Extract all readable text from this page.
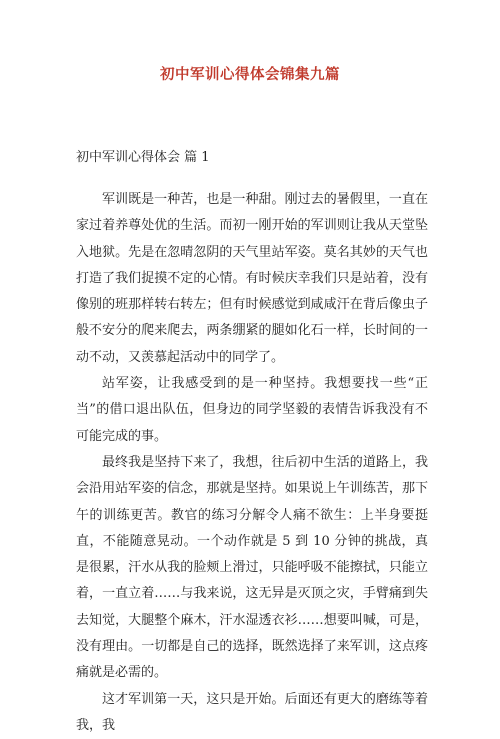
初中军训心得体会锦集九篇
初中军训心得体会 篇 1

军训既是一种苦，也是一种甜。刚过去的暑假里，一直在家过着养尊处优的生活。而初一刚开始的军训则让我从天堂坠入地狱。先是在忽晴忽阴的天气里站军姿。莫名其妙的天气也打造了我们捉摸不定的心情。有时候庆幸我们只是站着，没有像别的班那样转右转左；但有时候感觉到咸咸汗在背后像虫子般不安分的爬来爬去，两条绷紧的腿如化石一样，长时间的一动不动，又羡慕起活动中的同学了。

站军姿，让我感受到的是一种坚持。我想要找一些“正当”的借口退出队伍，但身边的同学坚毅的表情告诉我没有不可能完成的事。

最终我是坚持下来了，我想，往后初中生活的道路上，我会沿用站军姿的信念，那就是坚持。如果说上午训练苦，那下午的训练更苦。教官的练习分解令人痛不欲生：上半身要挺直，不能随意晃动。一个动作就是 5 到 10 分钟的挑战，真是很累，汗水从我的脸颊上滑过，只能呼吸不能擦拭，只能立着，一直立着……与我来说，这无异是灭顶之灾，手臂痛到失去知觉，大腿整个麻木，汗水湿透衣衫……想要叫喊，可是，没有理由。一切都是自己的选择，既然选择了来军训，这点疼痛就是必需的。

这才军训第一天，这只是开始。后面还有更大的磨练等着我，我
